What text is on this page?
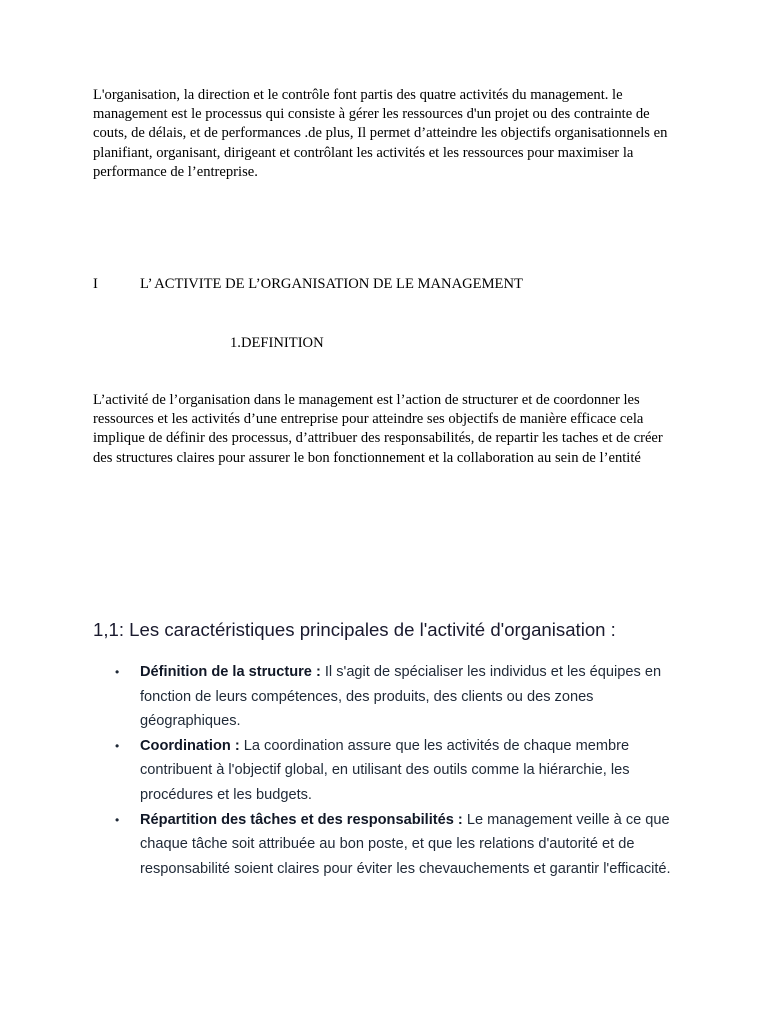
L'organisation, la direction et le contrôle font partis des quatre activités du management. le management est le processus qui consiste à gérer les ressources d'un projet ou des contrainte de couts, de délais, et de performances .de plus, Il permet d’atteindre les objectifs organisationnels en planifiant, organisant, dirigeant et contrôlant les activités et les ressources pour maximiser la performance de l’entreprise.

I	L’ ACTIVITE DE L’ORGANISATION DE LE MANAGEMENT

1.DEFINITION

L’activité de l’organisation dans le management est l’action de structurer et de coordonner les ressources et les activités d’une entreprise pour atteindre ses objectifs de manière efficace cela implique de définir des processus, d’attribuer des responsabilités, de repartir les taches et de créer des structures claires pour assurer le bon fonctionnement et la collaboration au sein de l’entité

1,1: Les caractéristiques principales de l'activité d'organisation :
• Définition de la structure : Il s'agit de spécialiser les individus et les équipes en fonction de leurs compétences, des produits, des clients ou des zones géographiques.
• Coordination : La coordination assure que les activités de chaque membre contribuent à l'objectif global, en utilisant des outils comme la hiérarchie, les procédures et les budgets.
• Répartition des tâches et des responsabilités : Le management veille à ce que chaque tâche soit attribuée au bon poste, et que les relations d'autorité et de responsabilité soient claires pour éviter les chevauchements et garantir l'efficacité.
